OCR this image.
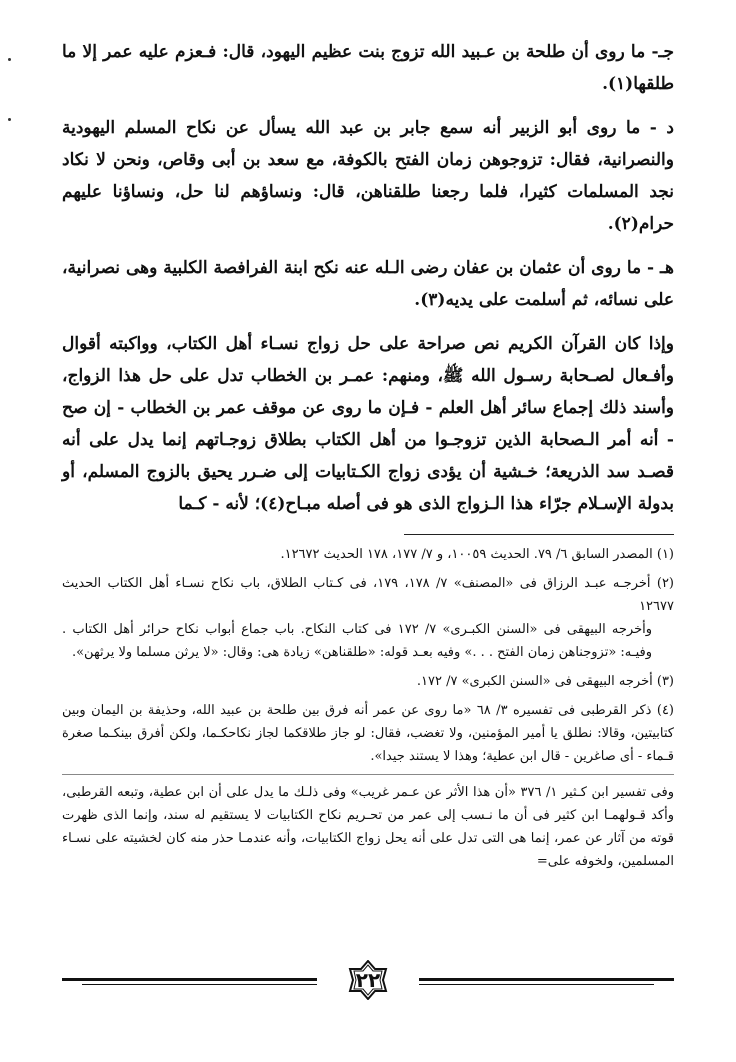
جـ- ما روى أن طلحة بن عـبيد الله تزوج بنت عظيم اليهود، قال: فـعزم عليه عمر إلا ما طلقها(١).

د - ما روى أبو الزبير أنه سمع جابر بن عبد الله يسأل عن نكاح المسلم اليهودية والنصرانية، فقال: تزوجوهن زمان الفتح بالكوفة، مع سعد بن أبى وقاص، ونحن لا نكاد نجد المسلمات كثيرا، فلما رجعنا طلقناهن، قال: ونساؤهم لنا حل، ونساؤنا عليهم حرام(٢).

هـ - ما روى أن عثمان بن عفان رضى الـله عنه نكح ابنة الفرافصة الكلبية وهى نصرانية، على نسائه، ثم أسلمت على يديه(٣).

وإذا كان القرآن الكريم نص صراحة على حل زواج نسـاء أهل الكتاب، وواكبته أقوال وأفـعال لصـحابة رسـول الله ﷺ، ومنهم: عمـر بن الخطاب تدل على حل هذا الزواج، وأسند ذلك إجماع سائر أهل العلم - فـإن ما روى عن موقف عمر بن الخطاب - إن صح - أنه أمر الـصحابة الذين تزوجـوا من أهل الكتاب بطلاق زوجـاتهم إنما يدل على أنه قصـد سد الذريعة؛ خـشية أن يؤدى زواج الكـتابيات إلى ضـرر يحيق بالزوج المسلم، أو بدولة الإسـلام جرّاء هذا الـزواج الذى هو فى أصله مبـاح(٤)؛ لأنه - كـما

(١) المصدر السابق ٦/ ٧٩. الحديث ١٠٠٥٩، و ٧/ ١٧٧، ١٧٨ الحديث ١٢٦٧٢.

(٢) أخرجـه عبـد الرزاق فى «المصنف» ٧/ ١٧٨، ١٧٩، فى كـتاب الطلاق، باب نكاح نسـاء أهل الكتاب الحديث ١٢٦٧٧

وأخرجه البيهقى فى «السنن الكبـرى» ٧/ ١٧٢ فى كتاب النكاح. باب جماع أبواب نكاح حرائر أهل الكتاب . وفيـه: «تزوجناهن زمان الفتح . . .» وفيه بعـد قوله: «طلقناهن» زيادة هى: وقال: «لا يرثن مسلما ولا يرثهن».

(٣) أخرجه البيهقى فى «السنن الكبرى» ٧/ ١٧٢.

(٤) ذكر القرطبى فى تفسيره ٣/ ٦٨ «ما روى عن عمر أنه فرق بين طلحة بن عبيد الله، وحذيفة بن اليمان وبين كتابيتين، وقالا: نطلق يا أمير المؤمنين، ولا تغضب، فقال: لو جاز طلاقكما لجاز نكاحكـما، ولكن أفرق بينكـما صغرة قـماء - أى صاغرين - قال ابن عطية؛ وهذا لا يستند جيدا».

وفى تفسير ابن كـثير ١/ ٣٧٦ «أن هذا الأثر عن عـمر غريب» وفى ذلـك ما يدل على أن ابن عطية، وتبعه القرطبى، وأكد قـولهمـا ابن كثير فى أن ما نـسب إلى عمر من تحـريم نكاح الكتابيات لا يستقيم له سند، وإنما الذى ظهرت قوته من آثار عن عمر، إنما هى التى تدل على أنه يحل زواج الكتابيات، وأنه عندمـا حذر منه كان لخشيته على نسـاء المسلمين، ولخوفه على=

٢٢
